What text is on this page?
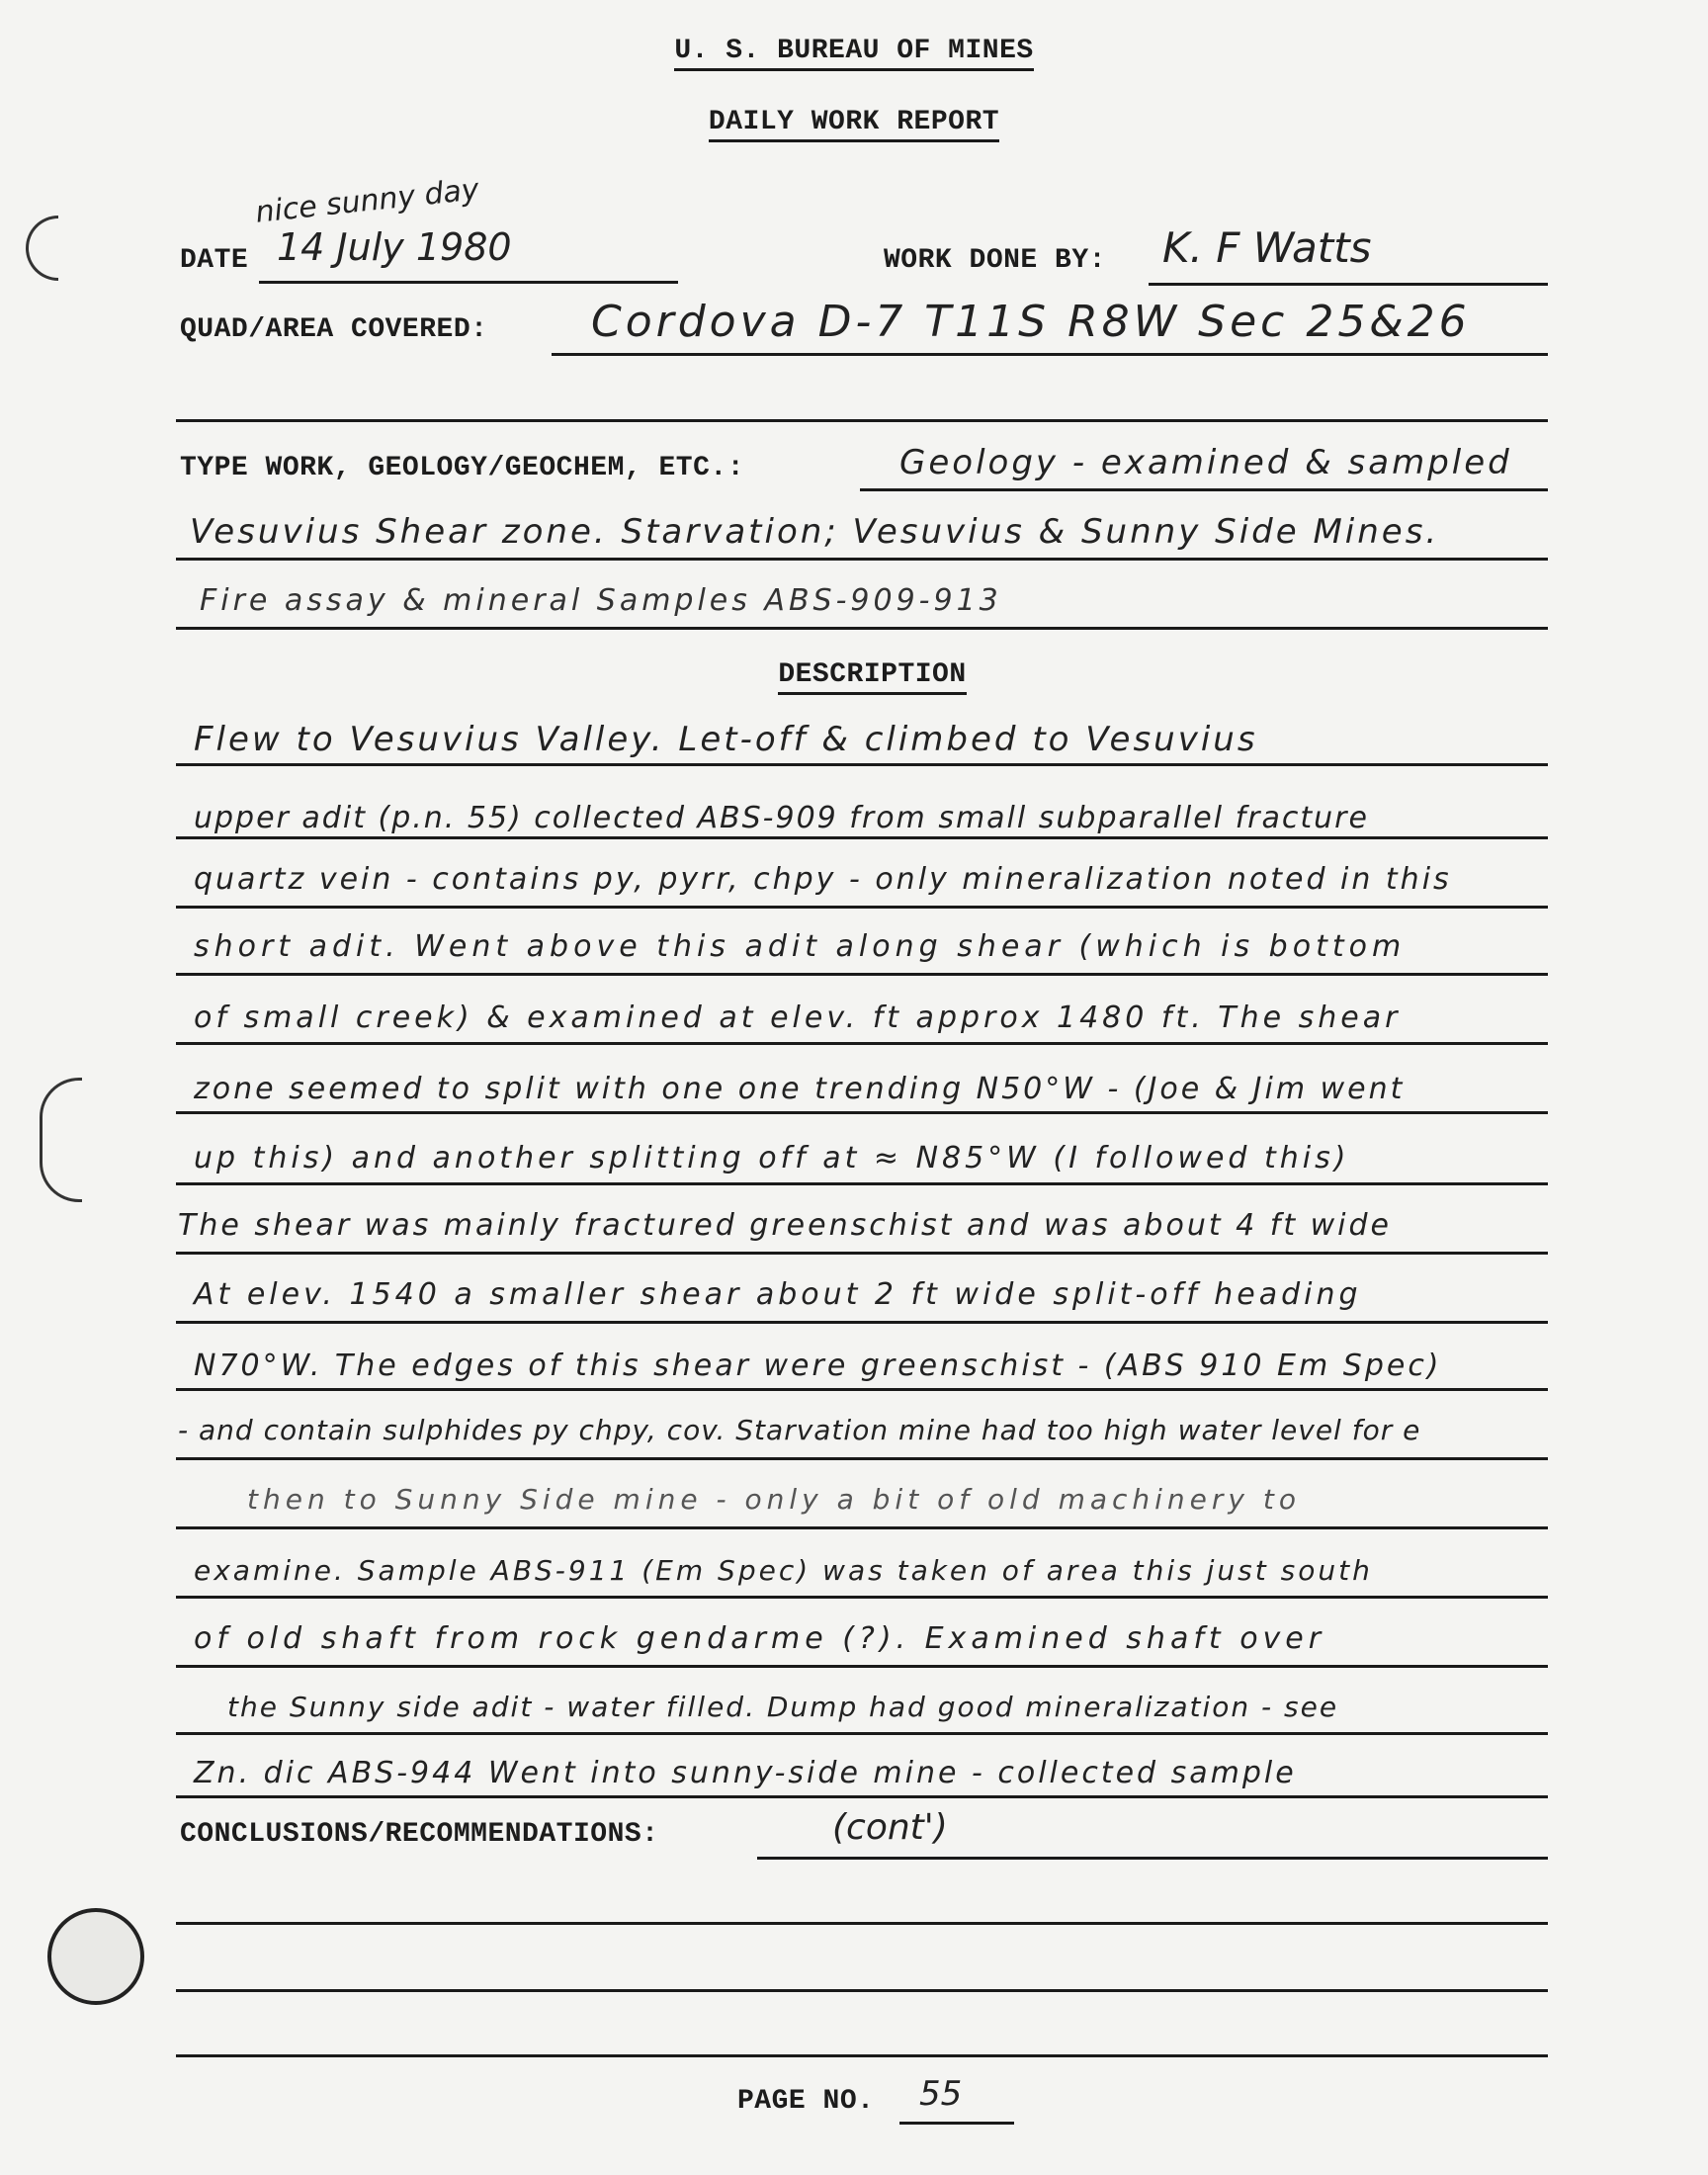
U. S. BUREAU OF MINES
DAILY WORK REPORT
nice sunny day
DATE 14 July 1980	WORK DONE BY: K. F Watts
QUAD/AREA COVERED: Cordova D-7 T11S R8W Sec 25&26
TYPE WORK, GEOLOGY/GEOCHEM, ETC.:	Geology - examined & sampled
Vesuvius Shear zone. Starvation; Vesuvius & Sunny Side Mines.
Fire assay & mineral Samples ABS-909-913
DESCRIPTION
Flew to Vesuvius Valley. Let-off & climbed to Vesuvius
upper adit (p.n. 55) collected ABS-909 from small subparallel fracture
quartz vein - contains py, pyrr, chpy - only mineralization noted in this
short adit. Went above this adit along shear (which is bottom
of small creek) & examined at elev. ft approx 1480 ft. The shear
zone seemed to split with one one trending N50°W - (Joe & Jim went
up this) and another splitting off at ≈ N85°W (I followed this)
The shear was mainly fractured greenschist and was about 4 ft wide
At elev. 1540 a smaller shear about 2 ft wide split-off heading
N70°W. The edges of this shear were greenschist - (ABS 910 Em Spec)
- and contain sulphides py chpy, cov. Starvation mine had too high water level for e
then to Sunny Side mine - only a bit of old machinery to
examine. Sample ABS-911 (Em Spec) was taken of area this just south
of old shaft from rock gendarme (?). Examined shaft over
the Sunny side adit - water filled. Dump had good mineralization - see
Zn. dic ABS-944 Went into sunny-side mine - collected sample
CONCLUSIONS/RECOMMENDATIONS:	(cont')
PAGE NO. 55
